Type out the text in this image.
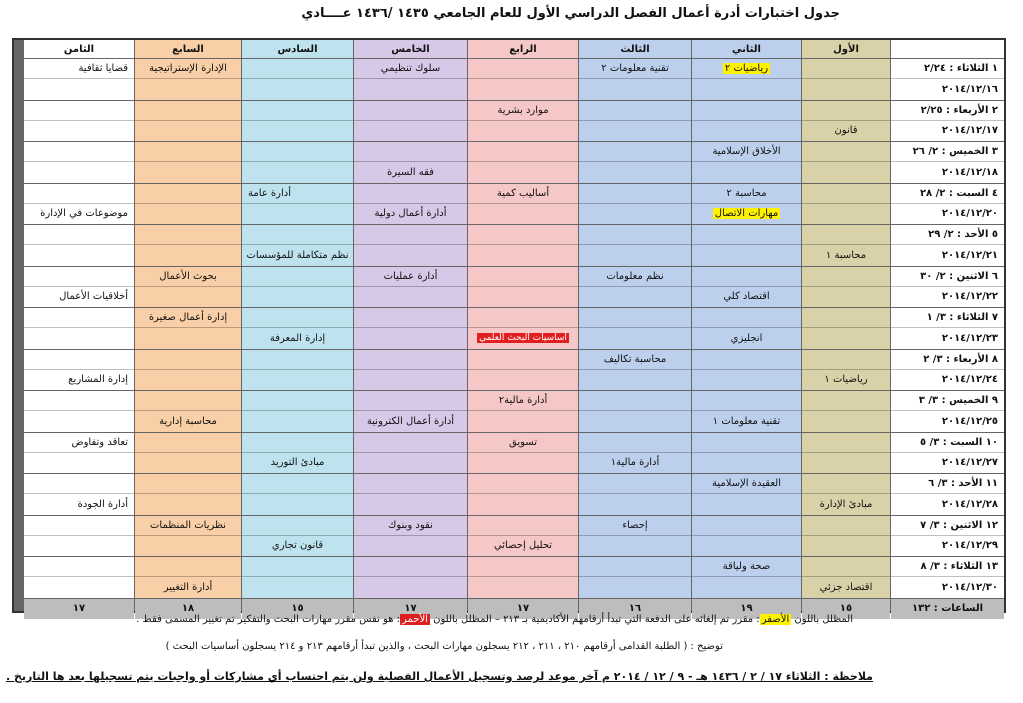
جدول اختبارات أدرة أعمال الفصل الدراسي الأول للعام الجامعي ١٤٣٥ /١٤٣٦ عــــادي
الأول
الثاني
الثالث
الرابع
الخامس
السادس
السابع
الثامن
١ الثلاثاء : ٢/٢٤
٢٠١٤/١٢/١٦
رياضيات ٢
تقنية معلومات ٢
سلوك تنظيمي
الإدارة الإستراتيجية
قضايا ثقافية
٢ الأربعاء : ٢/٢٥
٢٠١٤/١٢/١٧
قانون
موارد بشرية
٣ الخميس : ٢/ ٢٦
٢٠١٤/١٢/١٨
الأخلاق الإسلامية
فقه السيرة
٤ السبت : ٢/ ٢٨
٢٠١٤/١٢/٢٠
محاسبة ٢
مهارات الاتصال
أساليب كمية
أدارة أعمال دولية
أدارة عامة
موضوعات في الإدارة
٥ الأحد : ٢/ ٢٩
٢٠١٤/١٢/٢١
محاسبة ١
نظم متكاملة للمؤسسات
٦ الاثنين : ٢/ ٣٠
٢٠١٤/١٢/٢٢
اقتصاد كلي
نظم معلومات
أدارة عمليات
بحوث الأعمال
أخلاقيات الأعمال
٧ الثلاثاء : ٣/ ١
٢٠١٤/١٢/٢٣
انجليزي
أساسيات البحث العلمي
إدارة المعرفة
إدارة أعمال صغيرة
٨ الأربعاء : ٣/ ٢
٢٠١٤/١٢/٢٤
رياضيات ١
محاسبة تكاليف
إدارة المشاريع
٩ الخميس : ٣/ ٣
٢٠١٤/١٢/٢٥
تقنية معلومات ١
أدارة مالية٢
أدارة أعمال الكترونية
محاسبة إدارية
١٠ السبت : ٣/ ٥
٢٠١٤/١٢/٢٧
أدارة مالية١
تسويق
مبادئ التوريد
تعاقد وتفاوض
١١ الأحد : ٣/ ٦
٢٠١٤/١٢/٢٨
مبادئ الإدارة
العقيدة الإسلامية
أدارة الجودة
١٢ الاثنين : ٣/ ٧
٢٠١٤/١٢/٢٩
إحصاء
تحليل إحصائي
نقود وبنوك
قانون تجاري
نظريات المنظمات
١٣ الثلاثاء : ٣/ ٨
٢٠١٤/١٢/٣٠
اقتصاد جزئي
صحة ولياقة
أدارة التغيير
الساعات : ١٣٢
١٥
١٩
١٦
١٧
١٧
١٥
١٨
١٧
المظلل باللون الأصفر: مقرر تم إلغائه على الدفعة التي تبدأ أرقامهم الأكاديمية بـ ٢١٣ – المظلل باللون الأحمر: هو نفس مقرر مهارات البحث والتفكير تم تغيير المسمى فقط .
توضيح : ( الطلبة القدامى أرقامهم ٢١٠ ، ٢١١ ، ٢١٢ يسجلون مهارات البحث ، والذين تبدأ أرقامهم ٢١٣ و ٢١٤ يسجلون أساسيات البحث )
ملاحظة : الثلاثاء ١٧ / ٢ / ١٤٣٦ هـ - ٩ / ١٢ / ٢٠١٤ م آخر موعد لرصد وتسجيل الأعمال الفصلية ولن يتم احتساب أي مشاركات أو واجبات يتم تسجيلها بعد ها التاريخ .
